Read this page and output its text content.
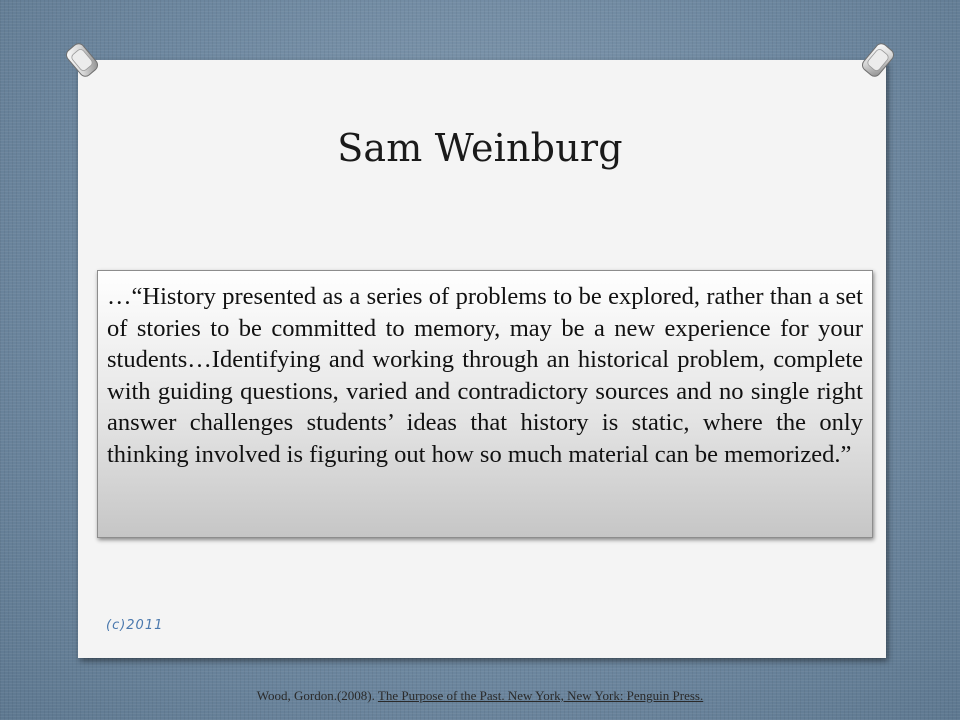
Sam Weinburg
…“History presented as a series of problems to be explored, rather than a set of stories to be committed to memory, may be a new experience for your students…Identifying and working through an historical problem, complete with guiding questions, varied and contradictory sources and no single right answer challenges students’ ideas that history is static, where the only thinking involved is figuring out how so much material can be memorized.”
(c)2011
Wood, Gordon.(2008). The Purpose of the Past. New York, New York: Penguin Press.
